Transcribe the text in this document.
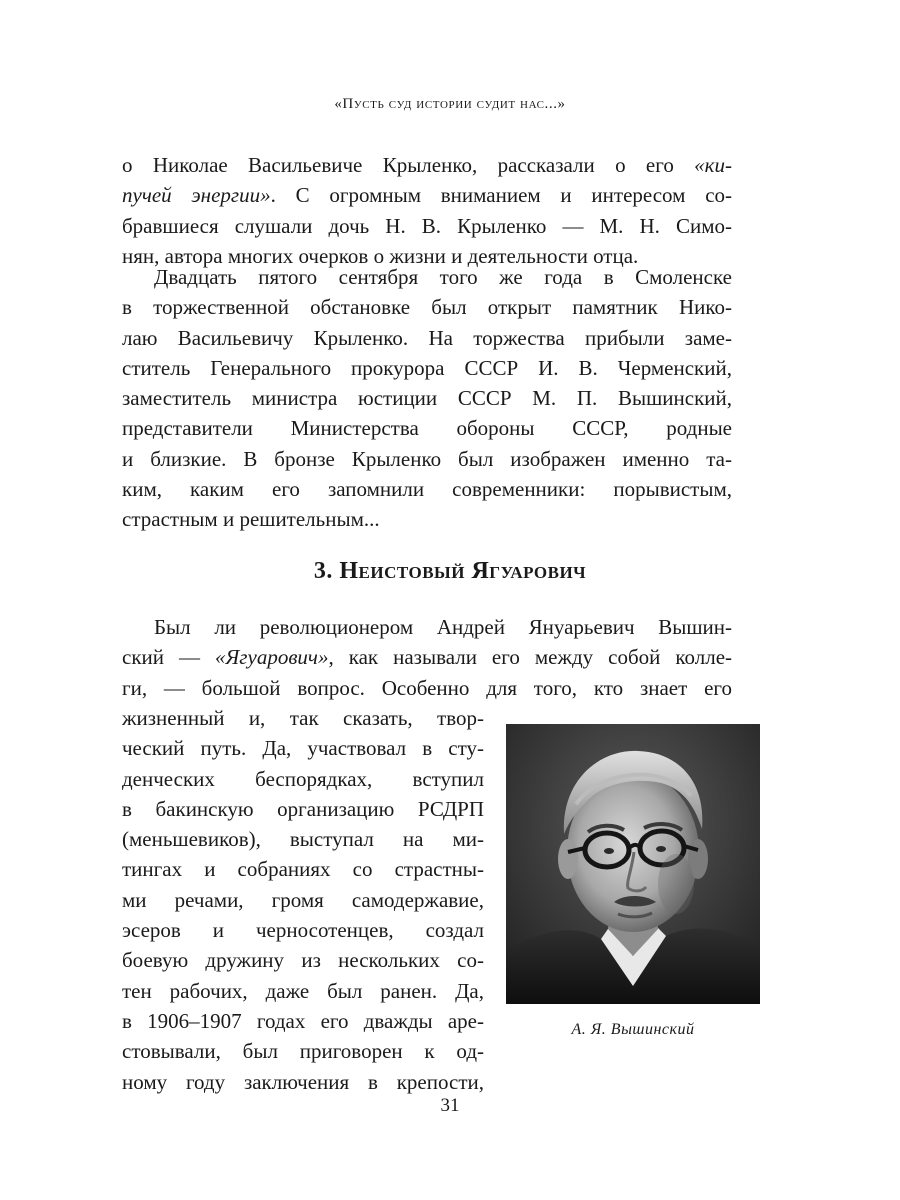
«Пусть суд истории судит нас...»
о Николае Васильевиче Крыленко, рассказали о его «ки-
пучей энергии». С огромным вниманием и интересом со-
бравшиеся слушали дочь Н. В. Крыленко — М. Н. Симо-
нян, автора многих очерков о жизни и деятельности отца.
Двадцать пятого сентября того же года в Смоленске
в торжественной обстановке был открыт памятник Нико-
лаю Васильевичу Крыленко. На торжества прибыли заме-
ститель Генерального прокурора СССР И. В. Черменский,
заместитель министра юстиции СССР М. П. Вышинский,
представители Министерства обороны СССР, родные
и близкие. В бронзе Крыленко был изображен именно та-
ким, каким его запомнили современники: порывистым,
страстным и решительным...
3. Неистовый Ягуарович
Был ли революционером Андрей Януарьевич Вышин-
ский — «Ягуарович», как называли его между собой колле-
ги, — большой вопрос. Особенно для того, кто знает его
жизненный и, так сказать, твор-
ческий путь. Да, участвовал в сту-
денческих беспорядках, вступил
в бакинскую организацию РСДРП
(меньшевиков), выступал на ми-
тингах и собраниях со страстны-
ми речами, громя самодержавие,
эсеров и черносотенцев, создал
боевую дружину из нескольких со-
тен рабочих, даже был ранен. Да,
в 1906–1907 годах его дважды аре-
стовывали, был приговорен к од-
ному году заключения в крепости,
А. Я. Вышинский
31
